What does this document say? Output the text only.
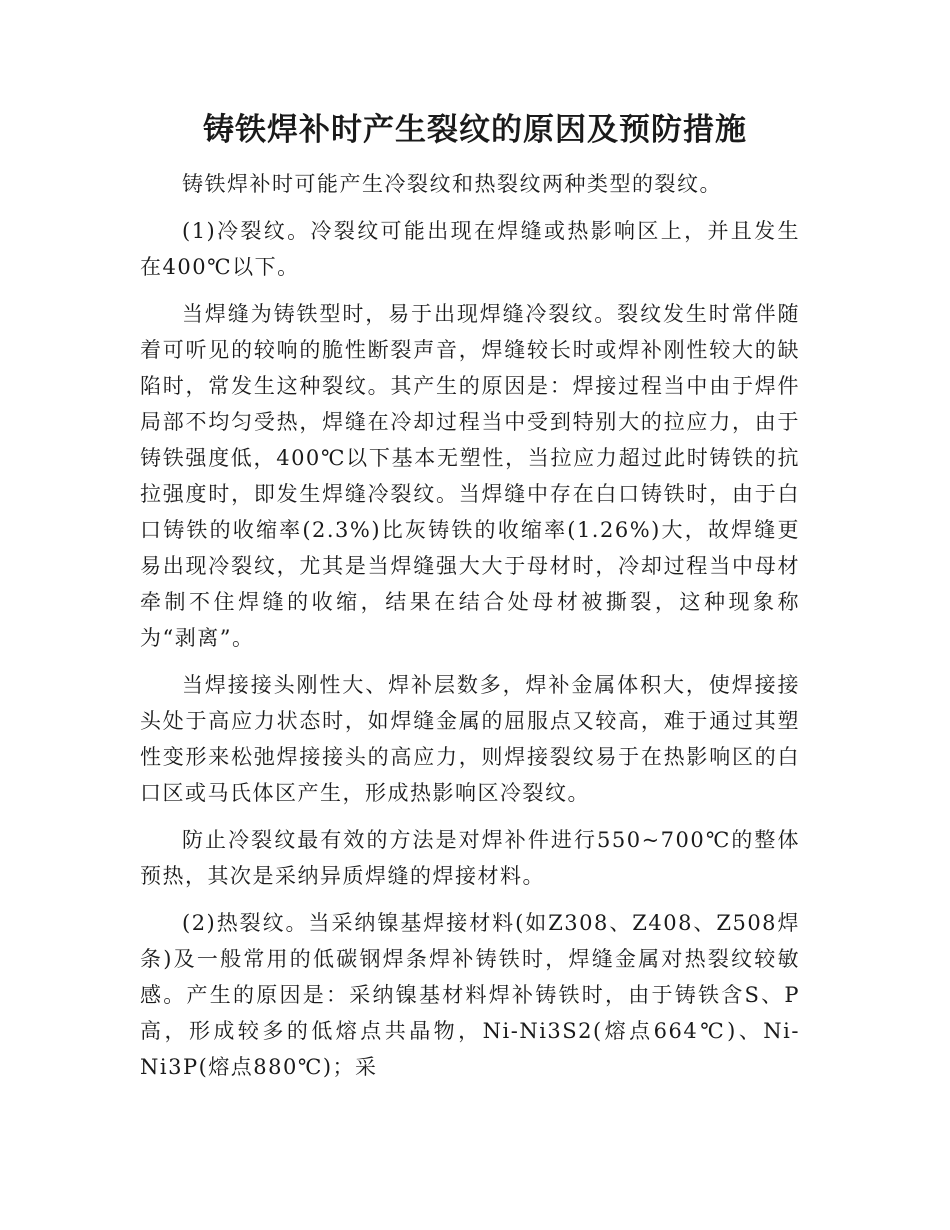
铸铁焊补时产生裂纹的原因及预防措施

铸铁焊补时可能产生冷裂纹和热裂纹两种类型的裂纹。

(1)冷裂纹。冷裂纹可能出现在焊缝或热影响区上，并且发生在400℃以下。

当焊缝为铸铁型时，易于出现焊缝冷裂纹。裂纹发生时常伴随着可听见的较响的脆性断裂声音，焊缝较长时或焊补刚性较大的缺陷时，常发生这种裂纹。其产生的原因是：焊接过程当中由于焊件局部不均匀受热，焊缝在冷却过程当中受到特别大的拉应力，由于铸铁强度低，400℃以下基本无塑性，当拉应力超过此时铸铁的抗拉强度时，即发生焊缝冷裂纹。当焊缝中存在白口铸铁时，由于白口铸铁的收缩率(2.3%)比灰铸铁的收缩率(1.26%)大，故焊缝更易出现冷裂纹，尤其是当焊缝强大大于母材时，冷却过程当中母材牵制不住焊缝的收缩，结果在结合处母材被撕裂，这种现象称为“剥离”。

当焊接接头刚性大、焊补层数多，焊补金属体积大，使焊接接头处于高应力状态时，如焊缝金属的屈服点又较高，难于通过其塑性变形来松弛焊接接头的高应力，则焊接裂纹易于在热影响区的白口区或马氏体区产生，形成热影响区冷裂纹。

防止冷裂纹最有效的方法是对焊补件进行550~700℃的整体预热，其次是采纳异质焊缝的焊接材料。

(2)热裂纹。当采纳镍基焊接材料(如Z308、Z408、Z508焊条)及一般常用的低碳钢焊条焊补铸铁时，焊缝金属对热裂纹较敏感。产生的原因是：采纳镍基材料焊补铸铁时，由于铸铁含S、P高，形成较多的低熔点共晶物，Ni-Ni3S2(熔点664℃)、Ni-Ni3P(熔点880℃)；采
